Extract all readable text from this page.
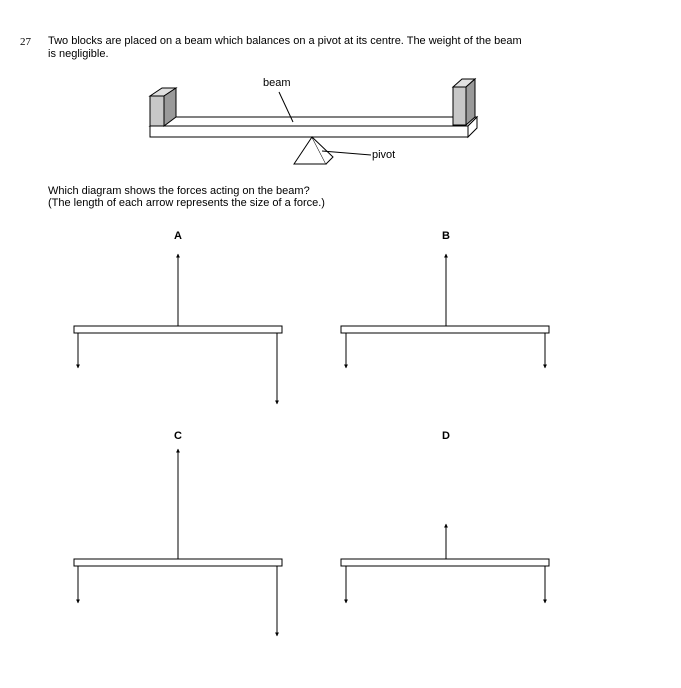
27 Two blocks are placed on a beam which balances on a pivot at its centre. The weight of the beam
is negligible.
beam
pivot
Which diagram shows the forces acting on the beam?
(The length of each arrow represents the size of a force.)
A	B
C	D
